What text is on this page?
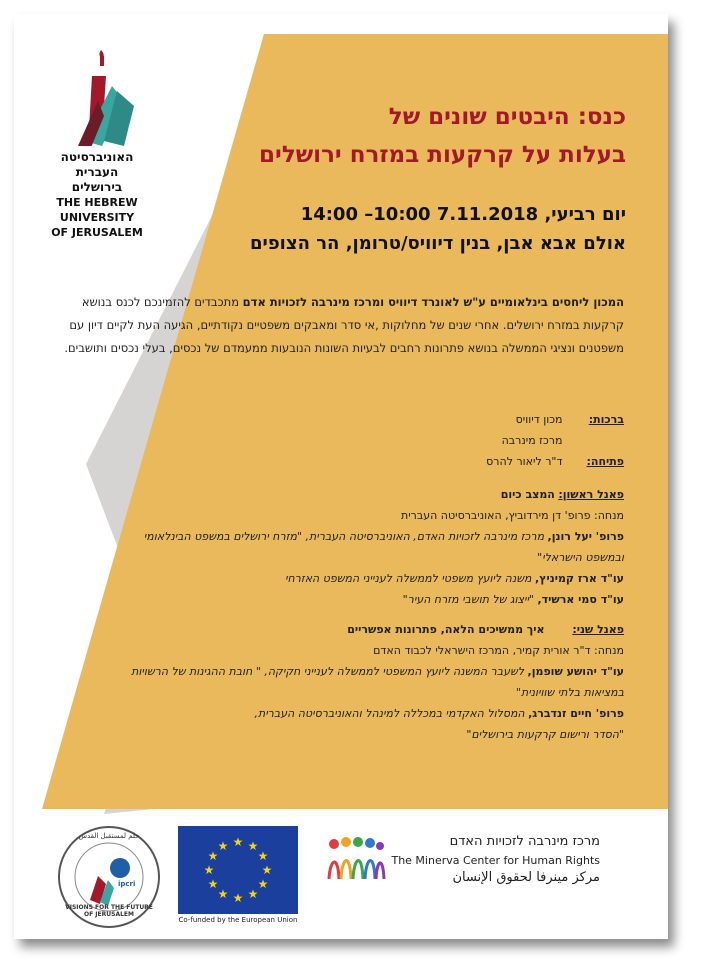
האוניברסיטה
העברית
בירושלים
THE HEBREW
UNIVERSITY
OF JERUSALEM
כנס: היבטים שונים של
בעלות על קרקעות במזרח ירושלים
יום רביעי, 7.11.2018 10:00– 14:00
אולם אבא אבן, בנין דיוויס/טרומן, הר הצופים
המכון ליחסים בינלאומיים ע"ש לאונרד דיוויס ומרכז מינרבה לזכויות אדם מתכבדים להזמינכם לכנס בנושא קרקעות במזרח ירושלים. אחרי שנים של מחלוקות ,אי סדר ומאבקים משפטיים נקודתיים, הגיעה העת לקיים דיון עם משפטנים ונציגי הממשלה בנושא פתרונות רחבים לבעיות השונות הנובעות ממעמדם של נכסים, בעלי נכסים ותושבים.
ברכות: מכון דיוויס
מרכז מינרבה
פתיחה: ד"ר ליאור להרס
פאנל ראשון: המצב כיום
מנחה: פרופ' דן מירדוביץ, האוניברסיטה העברית
פרופ' יעל רונן, מרכז מינרבה לזכויות האדם, האוניברסיטה העברית, "מזרח ירושלים במשפט הבינלאומי
ובמשפט הישראלי"
עו"ד ארז קמיניץ, משנה ליועץ משפטי לממשלה לענייני המשפט האזרחי
עו"ד סמי ארשיד, "ייצוג של תושבי מזרח העיר"
פאנל שני: איך ממשיכים הלאה, פתרונות אפשריים
מנחה: ד"ר אורית קמיר, המרכז הישראלי לכבוד האדם
עו"ד יהושע שופמן, לשעבר המשנה ליועץ המשפטי לממשלה לענייני חקיקה, " חובת ההגינות של הרשויות
במציאות בלתי שוויונית"
פרופ' חיים זנדברג, המסלול האקדמי במכללה למינהל והאוניברסיטה העברית,
"הסדר ורישום קרקעות בירושלים"
VISIONS FOR THE FUTURE OF JERUSALEM
حلم لمستقبل القدس
ipcri
★ ★
★
★
★
★
★
★
★
★
★
★
Co-funded by the European Union
מרכז מינרבה לזכויות האדם
The Minerva Center for Human Rights
مركز مينرفا لحقوق الإنسان
